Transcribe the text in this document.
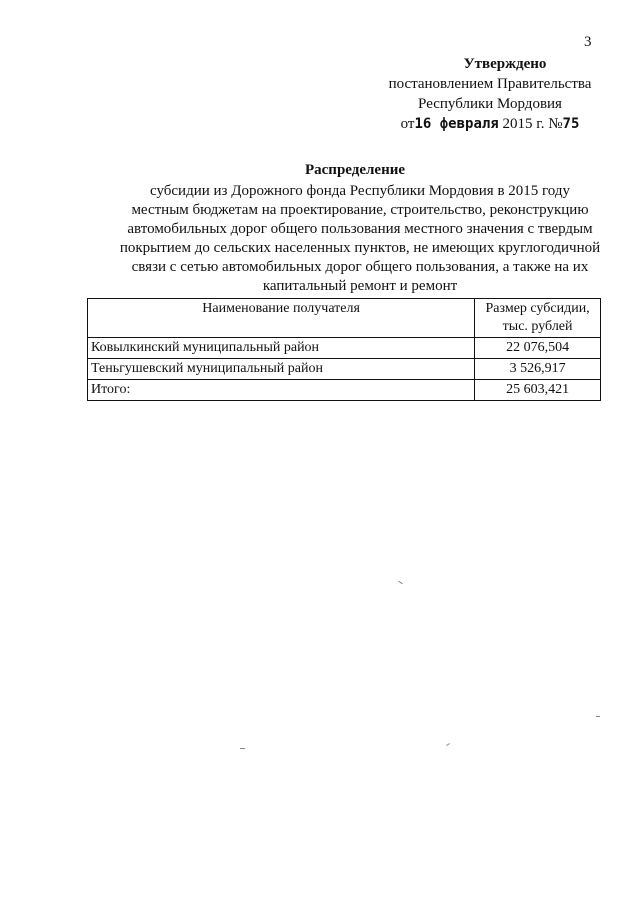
3
Утверждено
постановлением Правительства
Республики Мордовия
от16 февраля 2015 г. №75
Распределение
субсидии из Дорожного фонда Республики Мордовия в 2015 году
местным бюджетам на проектирование, строительство, реконструкцию
автомобильных дорог общего пользования местного значения с твердым
покрытием до сельских населенных пунктов, не имеющих круглогодичной
связи с сетью автомобильных дорог общего пользования, а также на их
капитальный ремонт и ремонт
Наименование получателя	Размер субсидии,
тыс. рублей

Ковылкинский муниципальный район	22 076,504
Теньгушевский муниципальный район	3 526,917
Итого:	25 603,421
